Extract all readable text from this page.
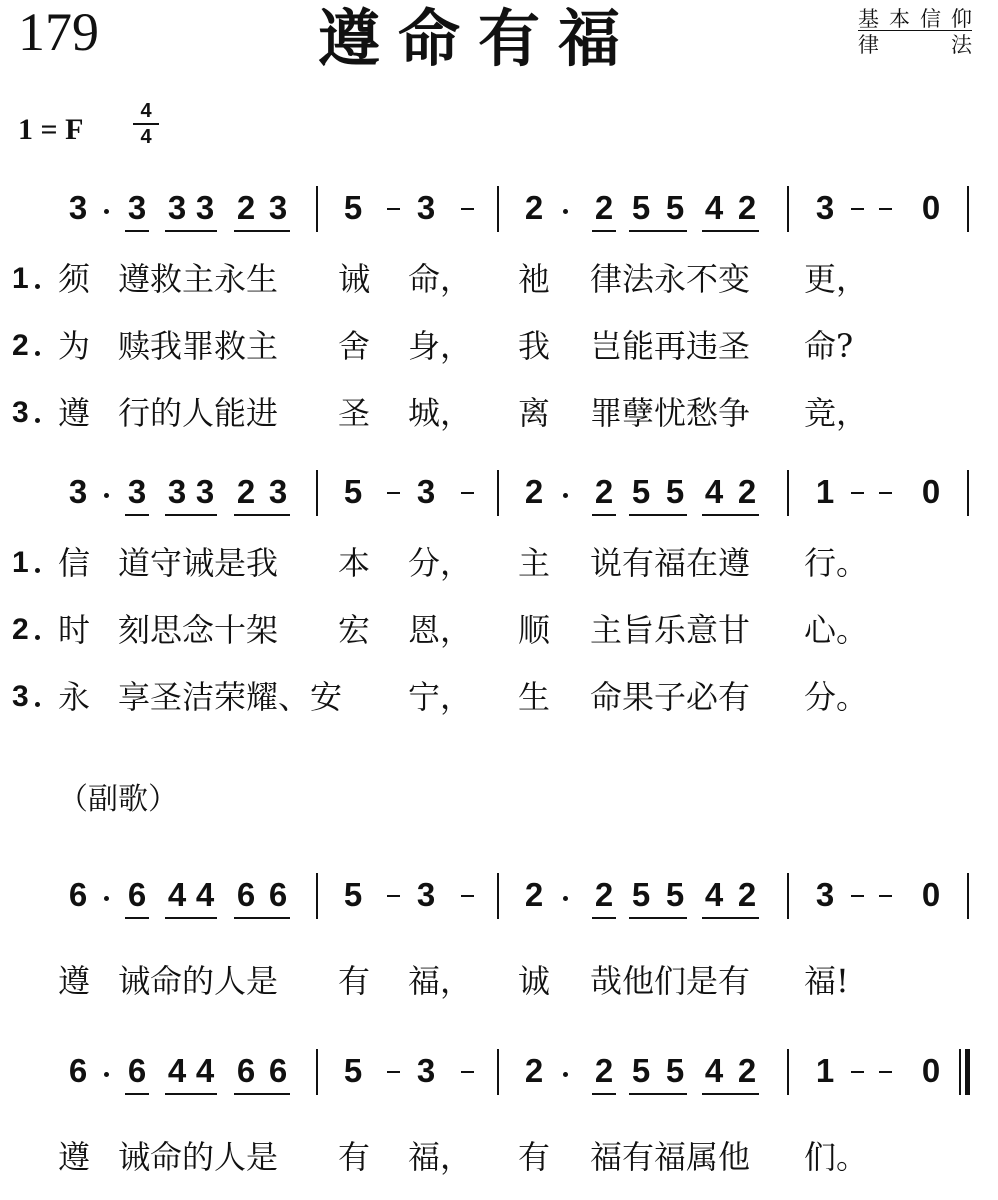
179	遵命有福	基 本 信 仰
律	法
1 = F
4
4
3 3 3 3 2 3 5 3	2 2 5 5 4 2 3	0
3 3 3 3 2 3 5 3	2 2 5 5 4 2 1	0
6 6 4 4 6 6 5 3	2 2 5 5 4 2 3	0
6 6 4 4 6 6 5 3	2 2 5 5 4 2 1	0
1 须 遵救主永生 诫 命， 祂 律法永不变 更，
2 为 赎我罪救主 舍 身， 我 岂能再违圣 命?
3 遵 行的人能进 圣 城， 离 罪孽忧愁争 竞，
1 信 道守诫是我 本 分， 主 说有福在遵 行。
2 时 刻思念十架 宏 恩， 顺 主旨乐意甘 心。
3 永 享圣洁荣耀、安 宁， 生 命果子必有 分。
（副歌）
遵 诫命的人是 有 福， 诚 哉他们是有 福!
遵 诫命的人是 有 福， 有 福有福属他 们。
